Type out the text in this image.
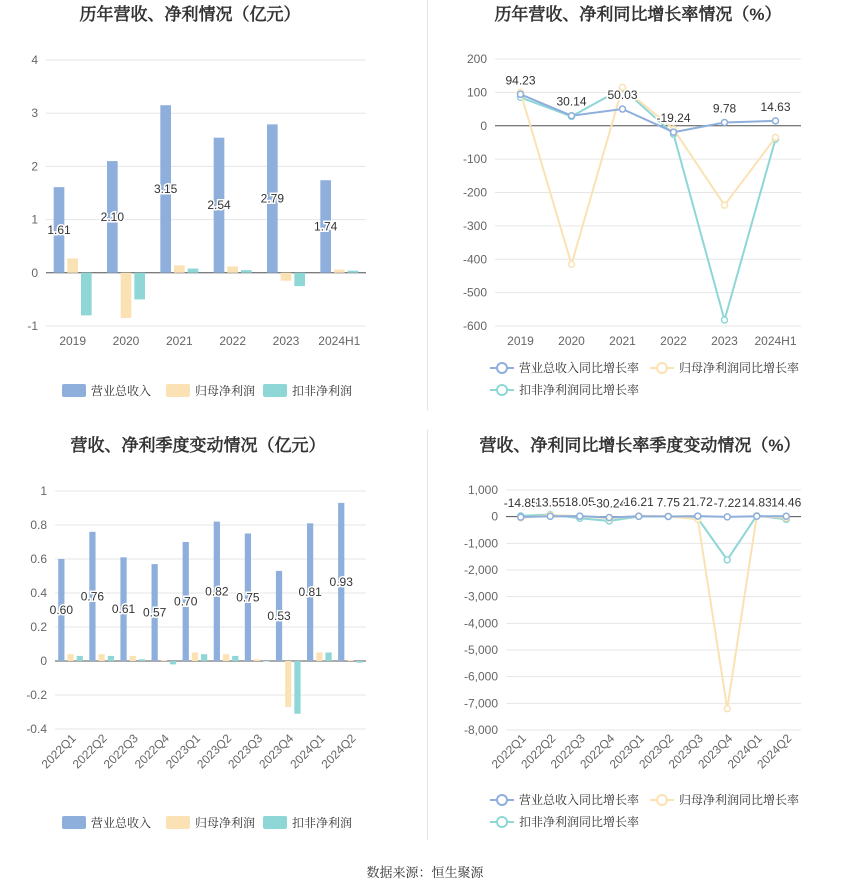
历年营收、净利情况（亿元）
4
3
2
1
0
-1
2019 2020 2021 2022 2023 2024H1
1.61
2.10
3.15
2.54 2.79
1.74
营业总收入	归母净利润	扣非净利润
历年营收、净利同比增长率情况（%）
200
100
0
-100
-200
-300
-400
-500
-600
2019 2020 2021 2022 2023 2024H1
94.23
30.14 50.03
-19.24
9.78 14.63
营业总收入同比增长率	归母净利润同比增长率
扣非净利润同比增长率
营收、净利季度变动情况（亿元）
1
0.8
0.6
0.4
0.2
0
-0.2
-0.4
2022Q1
2022Q2
2022Q3
2022Q4
2023Q1
2023Q2
2023Q3
2023Q4
2024Q1
2024Q2
0.60
0.76
0.61 0.57
0.70
0.82 0.75
0.53
0.81
0.93
营业总收入	归母净利润	扣非净利润
营收、净利同比增长率季度变动情况（%）
1,000
0
-1,000
-2,000
-3,000
-4,000
-5,000
-6,000
-7,000
-8,000
2022Q1
2022Q2
2022Q3
2022Q4
2023Q1
2023Q2
2023Q3
2023Q4
2024Q1
2024Q2
-14.85
13.55 18.05
-30.24
16.21 7.75 21.72 -7.22 14.83 14.46
营业总收入同比增长率	归母净利润同比增长率
扣非净利润同比增长率
数据来源：恒生聚源
